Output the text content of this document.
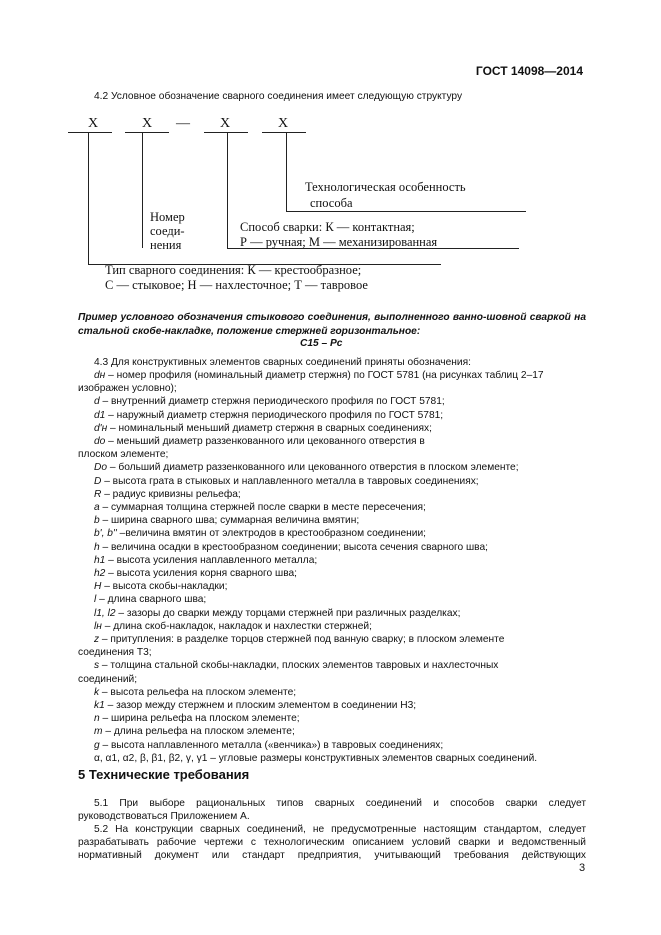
ГОСТ 14098—2014
4.2 Условное обозначение сварного соединения имеет следующую структуру
X	X — X	X
Технологическая особенность
способа
Номер
соеди-
нения
Способ сварки: К — контактная;
Р — ручная; М — механизированная
Тип сварного соединения: К — крестообразное;
С — стыковое; Н — нахлесточное; Т — тавровое
Пример условного обозначения стыкового соединения, выполненного ванно-шовной сваркой на стальной скобе-накладке, положение стержней горизонтальное:
С15 – Рс
4.3 Для конструктивных элементов сварных соединений приняты обозначения:
dн – номер профиля (номинальный диаметр стержня) по ГОСТ 5781 (на рисунках таблиц 2–17
изображен условно);
d – внутренний диаметр стержня периодического профиля по ГОСТ 5781;
d1 – наружный диаметр стержня периодического профиля по ГОСТ 5781;
d'н – номинальный меньший диаметр стержня в сварных соединениях;
do – меньший диаметр раззенкованного или цекованного отверстия в
плоском элементе;
Do – больший диаметр раззенкованного или цекованного отверстия в плоском элементе;
D – высота грата в стыковых и наплавленного металла в тавровых соединениях;
R – радиус кривизны рельефа;
a – суммарная толщина стержней после сварки в месте пересечения;
b – ширина сварного шва; суммарная величина вмятин;
b', b'' –величина вмятин от электродов в крестообразном соединении;
h – величина осадки в крестообразном соединении; высота сечения сварного шва;
h1 – высота усиления наплавленного металла;
h2 – высота усиления корня сварного шва;
H – высота скобы-накладки;
l – длина сварного шва;
l1, l2 – зазоры до сварки между торцами стержней при различных разделках;
lн – длина скоб-накладок, накладок и нахлестки стержней;
z – притупления: в разделке торцов стержней под ванную сварку; в плоском элементе
соединения Т3;
s – толщина стальной скобы-накладки, плоских элементов тавровых и нахлесточных
соединений;
k – высота рельефа на плоском элементе;
k1 – зазор между стержнем и плоским элементом в соединении Н3;
n – ширина рельефа на плоском элементе;
m – длина рельефа на плоском элементе;
g – высота наплавленного металла («венчика») в тавровых соединениях;
α, α1, α2, β, β1, β2, γ, γ1 – угловые размеры конструктивных элементов сварных соединений.
5 Технические требования
5.1 При выборе рациональных типов сварных соединений и способов сварки следует руководствоваться Приложением А.
5.2 На конструкции сварных соединений, не предусмотренные настоящим стандартом, следует разрабатывать рабочие чертежи с технологическим описанием условий сварки и ведомственный нормативный документ или стандарт предприятия, учитывающий требования действующих
3
